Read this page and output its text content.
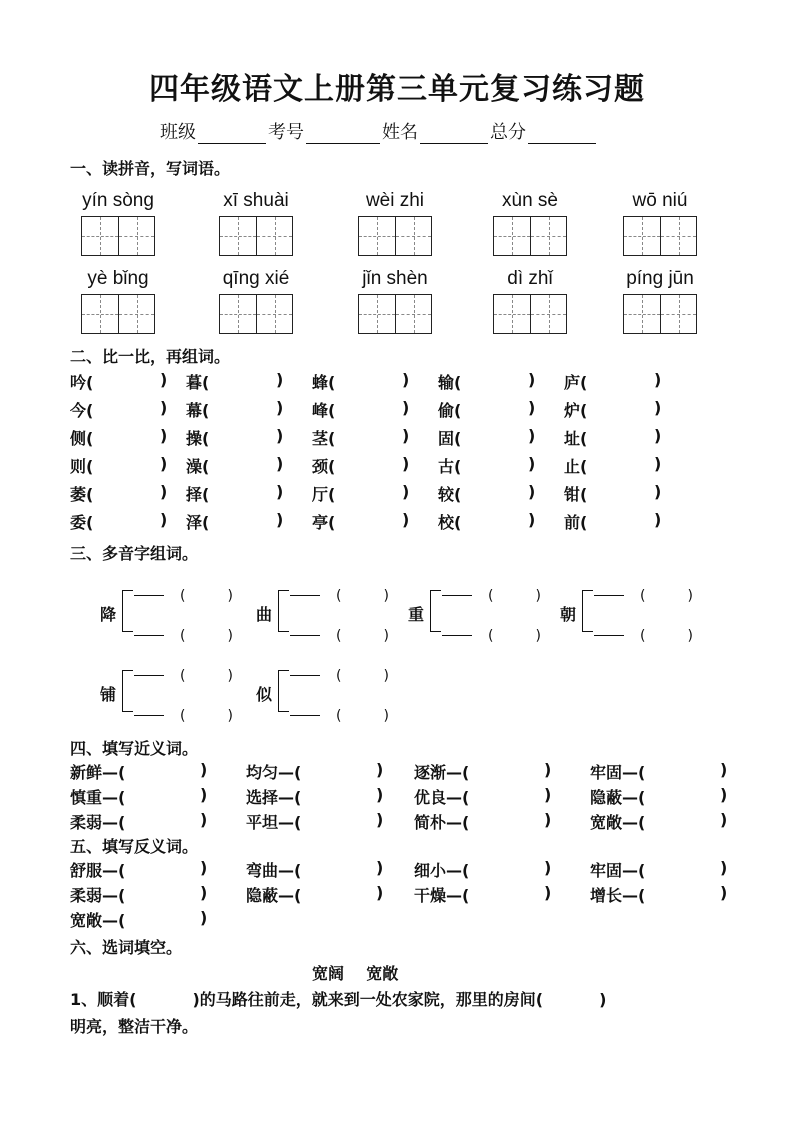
四年级语文上册第三单元复习练习题
班级	考号	姓名	总分
一、读拼音，写词语。
yín sòng	xī shuài	wèi zhi	xùn sè	wō niú
yè bǐng	qīng xié	jǐn shèn	dì zhǐ	píng jūn
二、比一比，再组词。
吟(	) 暮(	) 蜂(	) 输(	) 庐(	)
今(	) 幕(	) 峰(	) 偷(	) 炉(	)
侧(	) 操(	) 茎(	) 固(	) 址(	)
则(	) 澡(	) 颈(	) 古(	) 止(	)
萎(	) 择(	) 厅(	) 较(	) 钳(	)
委(	) 泽(	) 亭(	) 校(	) 前(	)
三、多音字组词。
降
(	)
(	)
曲
(	)
(	)
重
(	)
(	)
朝
(	)
(	)
铺
(	)
(	)
似
(	)
(	)
四、填写近义词。
新鲜—(	) 均匀—(	) 逐渐—(	) 牢固—(	)
慎重—(	) 选择—(	) 优良—(	) 隐蔽—(	)
柔弱—(	) 平坦—(	) 简朴—(	) 宽敞—(	)
五、填写反义词。
舒服—(	) 弯曲—(	) 细小—(	) 牢固—(	)
柔弱—(	) 隐蔽—(	) 干燥—(	) 增长—(	)
宽敞—(	)
六、选词填空。
宽阔    宽敞
1、顺着(	)的马路往前走，就来到一处农家院，那里的房间(	)
明亮，整洁干净。
